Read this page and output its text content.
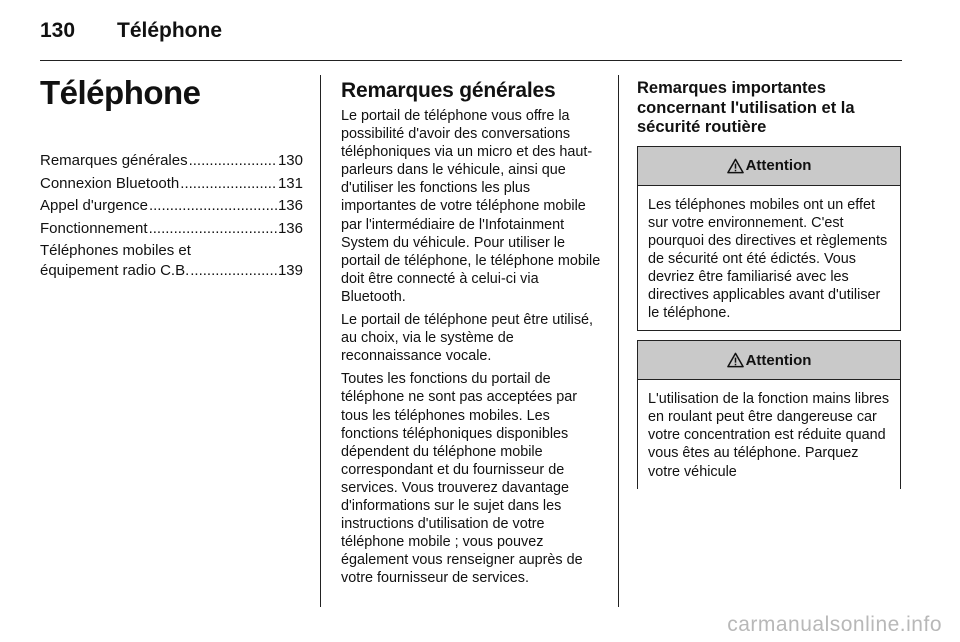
130 Téléphone
Téléphone
Remarques générales .....	130
Connexion Bluetooth .....	131
Appel d'urgence .....	136
Fonctionnement .....	136
Téléphones mobiles et
équipement radio C.B. .....	139
Remarques générales

Le portail de téléphone vous offre la possibilité d'avoir des conversations téléphoniques via un micro et des haut-parleurs dans le véhicule, ainsi que d'utiliser les fonctions les plus importantes de votre téléphone mobile par l'intermédiaire de l'Infotainment System du véhicule. Pour utiliser le portail de téléphone, le téléphone mobile doit être connecté à celui-ci via Bluetooth.

Le portail de téléphone peut être utilisé, au choix, via le système de reconnaissance vocale.

Toutes les fonctions du portail de téléphone ne sont pas acceptées par tous les téléphones mobiles. Les fonctions téléphoniques disponibles dépendent du téléphone mobile correspondant et du fournisseur de services. Vous trouverez davantage d'informations sur le sujet dans les instructions d'utilisation de votre téléphone mobile ; vous pouvez également vous renseigner auprès de votre fournisseur de services.

Remarques importantes concernant l'utilisation et la sécurité routière
Attention
Les téléphones mobiles ont un effet sur votre environnement. C'est pourquoi des directives et règlements de sécurité ont été édictés. Vous devriez être familiarisé avec les directives applicables avant d'utiliser le téléphone.
Attention
L'utilisation de la fonction mains libres en roulant peut être dangereuse car votre concentration est réduite quand vous êtes au téléphone. Parquez votre véhicule
carmanualsonline.info
